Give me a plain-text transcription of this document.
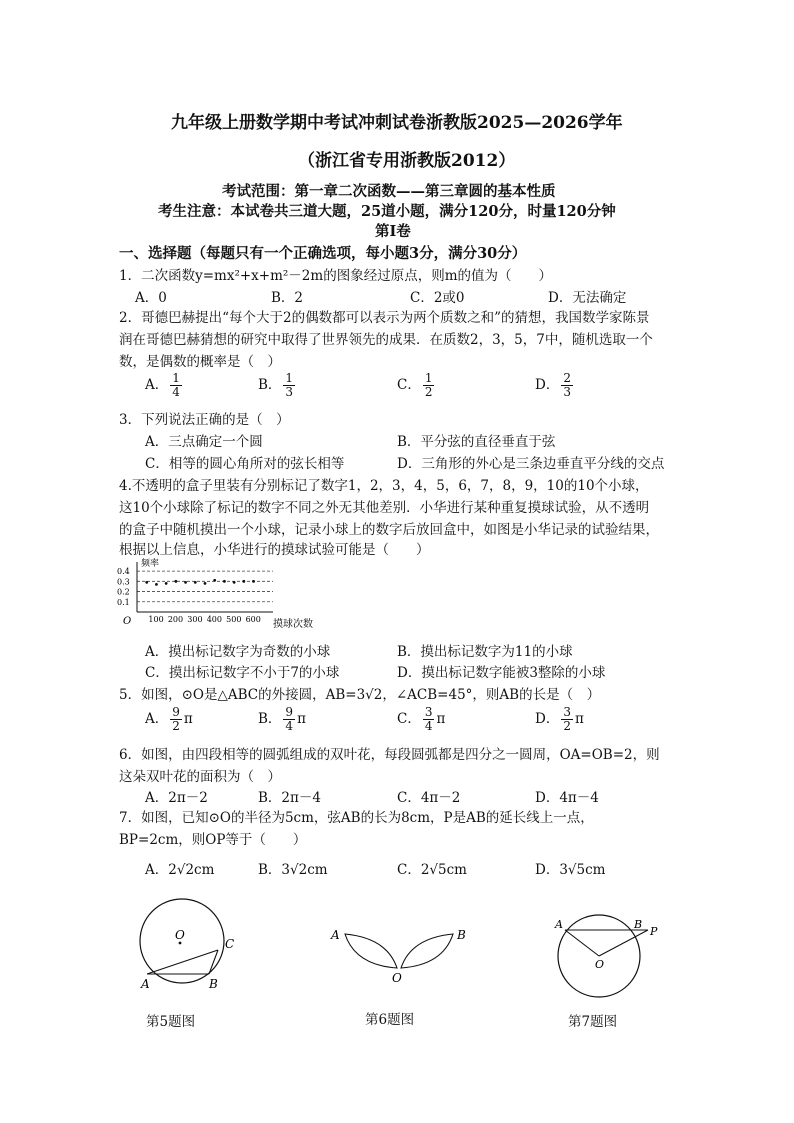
九年级上册数学期中考试冲刺试卷浙教版2025—2026学年
（浙江省专用浙教版2012）
考试范围：第一章二次函数——第三章圆的基本性质
考生注意：本试卷共三道大题，25道小题，满分120分，时量120分钟
第I卷
一、选择题（每题只有一个正确选项，每小题3分，满分30分）
1．二次函数y=mx²+x+m²－2m的图象经过原点，则m的值为（　　）
A．0	B．2	C．2或0	D．无法确定
2．哥德巴赫提出“每个大于2的偶数都可以表示为两个质数之和”的猜想，我国数学家陈景
润在哥德巴赫猜想的研究中取得了世界领先的成果．在质数2，3，5，7中，随机选取一个
数，是偶数的概率是（　）
A． $\frac{1}{4}$	B． $\frac{1}{3}$	C． $\frac{1}{2}$	D． $\frac{2}{3}$
3．下列说法正确的是（　）
A．三点确定一个圆	B．平分弦的直径垂直于弦
C．相等的圆心角所对的弦长相等	D．三角形的外心是三条边垂直平分线的交点
4.不透明的盒子里装有分别标记了数字1，2，3，4，5，6，7，8，9，10的10个小球，
这10个小球除了标记的数字不同之外无其他差别．小华进行某种重复摸球试验，从不透明
的盒子中随机摸出一个小球，记录小球上的数字后放回盒中，如图是小华记录的试验结果，
根据以上信息，小华进行的摸球试验可能是（　　）
0.4
0.3
0.2
0.1
100 200 300 400 500 600
频率
摸球次数
O
A．摸出标记数字为奇数的小球	B．摸出标记数字为11的小球
C．摸出标记数字不小于7的小球	D．摸出标记数字能被3整除的小球
5．如图，⊙O是△ABC的外接圆，AB=3√2，∠ACB=45°，则AB的长是（　）
A． $\frac{9}{2}$ π	B． $\frac{9}{4}$ π	C． $\frac{3}{4}$ π	D． $\frac{3}{2}$ π
6．如图，由四段相等的圆弧组成的双叶花，每段圆弧都是四分之一圆周，OA=OB=2，则
这朵双叶花的面积为（　）
A．2π－2	B．2π－4	C．4π－2	D．4π－4
7．如图，已知⊙O的半径为5cm，弦AB的长为8cm，P是AB的延长线上一点，
BP=2cm，则OP等于（　　）
A．2√2cm	B．3√2cm	C．2√5cm	D．3√5cm
O
A	B
C
第5题图
A	B
O
第6题图
A	B
P
O
第7题图
